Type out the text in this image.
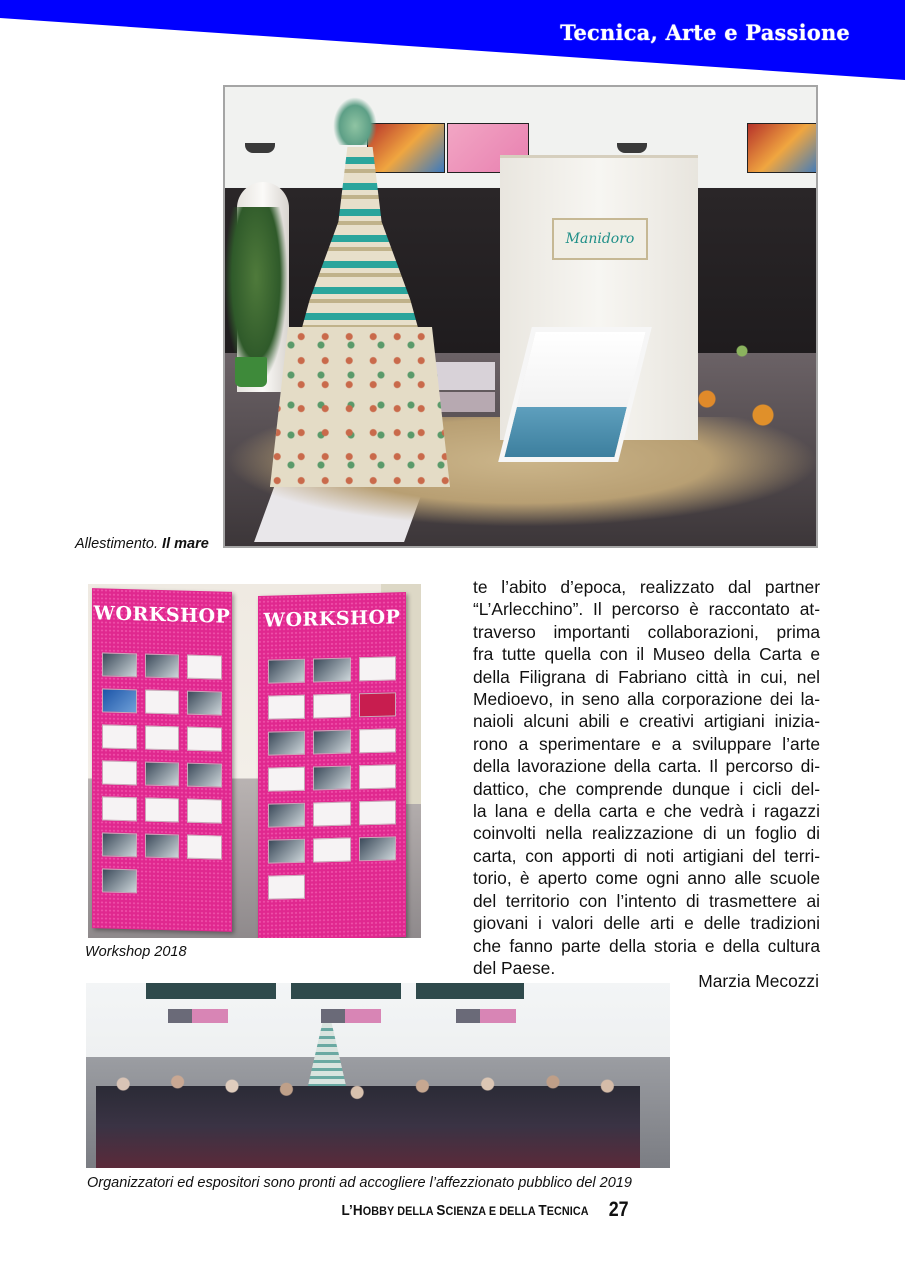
Tecnica, Arte e Passione
Manidoro
Allestimento. Il mare
WORKSHOP WORKSHOP
Workshop 2018
te l’abito d’epoca, realizzato dal partner
“L’Arlecchino”. Il percorso è raccontato at-
traverso importanti collaborazioni, prima
fra tutte quella con il Museo della Carta e
della Filigrana di Fabriano città in cui, nel
Medioevo, in seno alla corporazione dei la-
naioli alcuni abili e creativi artigiani inizia-
rono a sperimentare e a sviluppare l’arte
della lavorazione della carta. Il percorso di-
dattico, che comprende dunque i cicli del-
la lana e della carta e che vedrà i ragazzi
coinvolti nella realizzazione di un foglio di
carta, con apporti di noti artigiani del terri-
torio, è aperto come ogni anno alle scuole
del territorio con l’intento di trasmettere ai
giovani i valori delle arti e delle tradizioni
che fanno parte della storia e della cultura
del Paese.
Marzia Mecozzi
Organizzatori ed espositori sono pronti ad accogliere l’affezzionato pubblico del 2019
L’HOBBY DELLA SCIENZA E DELLA TECNICA 27
